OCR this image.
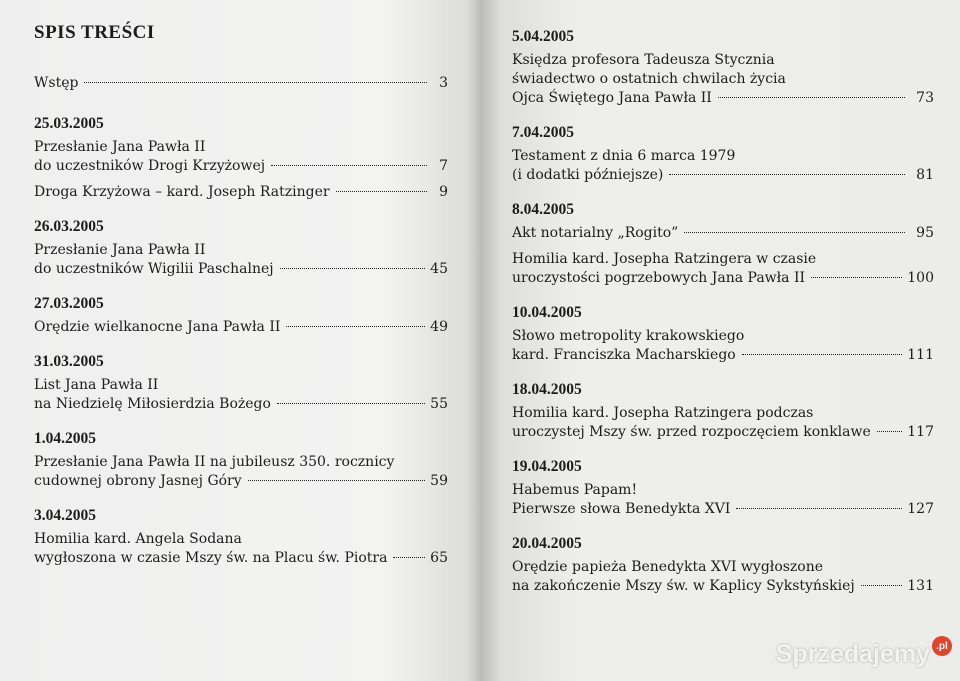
SPIS TREŚCI
Wstęp	3
25.03.2005
Przesłanie Jana Pawła II
do uczestników Drogi Krzyżowej	7
Droga Krzyżowa – kard. Joseph Ratzinger	9
26.03.2005
Przesłanie Jana Pawła II
do uczestników Wigilii Paschalnej	45
27.03.2005
Orędzie wielkanocne Jana Pawła II	49
31.03.2005
List Jana Pawła II
na Niedzielę Miłosierdzia Bożego	55
1.04.2005
Przesłanie Jana Pawła II na jubileusz 350. rocznicy
cudownej obrony Jasnej Góry	59
3.04.2005
Homilia kard. Angela Sodana
wygłoszona w czasie Mszy św. na Placu św. Piotra	65
5.04.2005
Księdza profesora Tadeusza Stycznia
świadectwo o ostatnich chwilach życia
Ojca Świętego Jana Pawła II	73
7.04.2005
Testament z dnia 6 marca 1979
(i dodatki późniejsze)	81
8.04.2005
Akt notarialny „Rogito”	95
Homilia kard. Josepha Ratzingera w czasie
uroczystości pogrzebowych Jana Pawła II	100
10.04.2005
Słowo metropolity krakowskiego
kard. Franciszka Macharskiego	111
18.04.2005
Homilia kard. Josepha Ratzingera podczas
uroczystej Mszy św. przed rozpoczęciem konklawe	117
19.04.2005
Habemus Papam!
Pierwsze słowa Benedykta XVI	127
20.04.2005
Orędzie papieża Benedykta XVI wygłoszone
na zakończenie Mszy św. w Kaplicy Sykstyńskiej	131
Sprzedajemy .pl
